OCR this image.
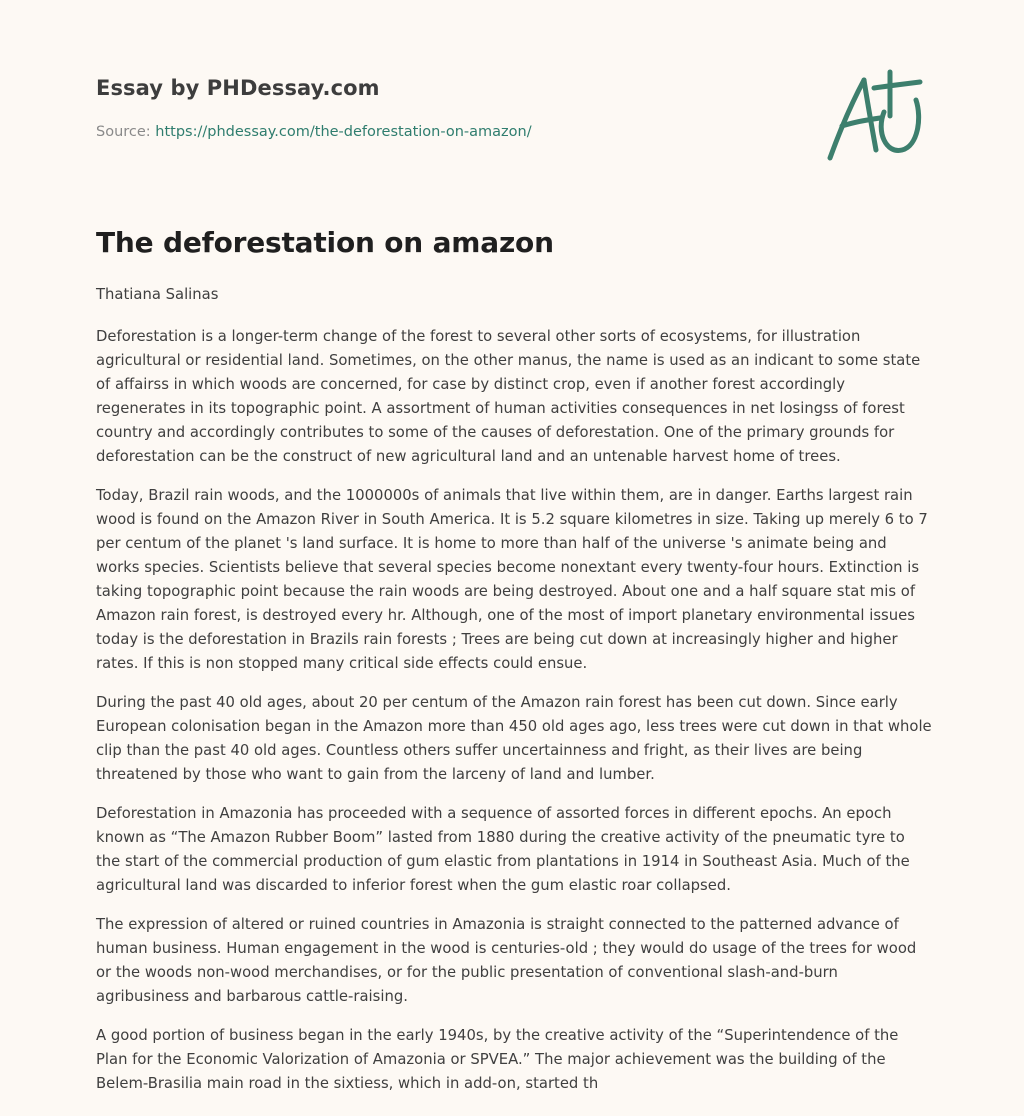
Essay by PHDessay.com

Source: https://phdessay.com/the-deforestation-on-amazon/

The deforestation on amazon

Thatiana Salinas

Deforestation is a longer-term change of the forest to several other sorts of ecosystems, for illustration agricultural or residential land. Sometimes, on the other manus, the name is used as an indicant to some state of affairss in which woods are concerned, for case by distinct crop, even if another forest accordingly regenerates in its topographic point. A assortment of human activities consequences in net losingss of forest country and accordingly contributes to some of the causes of deforestation. One of the primary grounds for deforestation can be the construct of new agricultural land and an untenable harvest home of trees.

Today, Brazil rain woods, and the 1000000s of animals that live within them, are in danger. Earths largest rain wood is found on the Amazon River in South America. It is 5.2 square kilometres in size. Taking up merely 6 to 7 per centum of the planet 's land surface. It is home to more than half of the universe 's animate being and works species. Scientists believe that several species become nonextant every twenty-four hours. Extinction is taking topographic point because the rain woods are being destroyed. About one and a half square stat mis of Amazon rain forest, is destroyed every hr. Although, one of the most of import planetary environmental issues today is the deforestation in Brazils rain forests ; Trees are being cut down at increasingly higher and higher rates. If this is non stopped many critical side effects could ensue.

During the past 40 old ages, about 20 per centum of the Amazon rain forest has been cut down. Since early European colonisation began in the Amazon more than 450 old ages ago, less trees were cut down in that whole clip than the past 40 old ages. Countless others suffer uncertainness and fright, as their lives are being threatened by those who want to gain from the larceny of land and lumber.

Deforestation in Amazonia has proceeded with a sequence of assorted forces in different epochs. An epoch known as “The Amazon Rubber Boom” lasted from 1880 during the creative activity of the pneumatic tyre to the start of the commercial production of gum elastic from plantations in 1914 in Southeast Asia. Much of the agricultural land was discarded to inferior forest when the gum elastic roar collapsed.

The expression of altered or ruined countries in Amazonia is straight connected to the patterned advance of human business. Human engagement in the wood is centuries-old ; they would do usage of the trees for wood or the woods non-wood merchandises, or for the public presentation of conventional slash-and-burn agribusiness and barbarous cattle-raising.

A good portion of business began in the early 1940s, by the creative activity of the “Superintendence of the Plan for the Economic Valorization of Amazonia or SPVEA.” The major achievement was the building of the Belem-Brasilia main road in the sixtiess, which in add-on, started th
